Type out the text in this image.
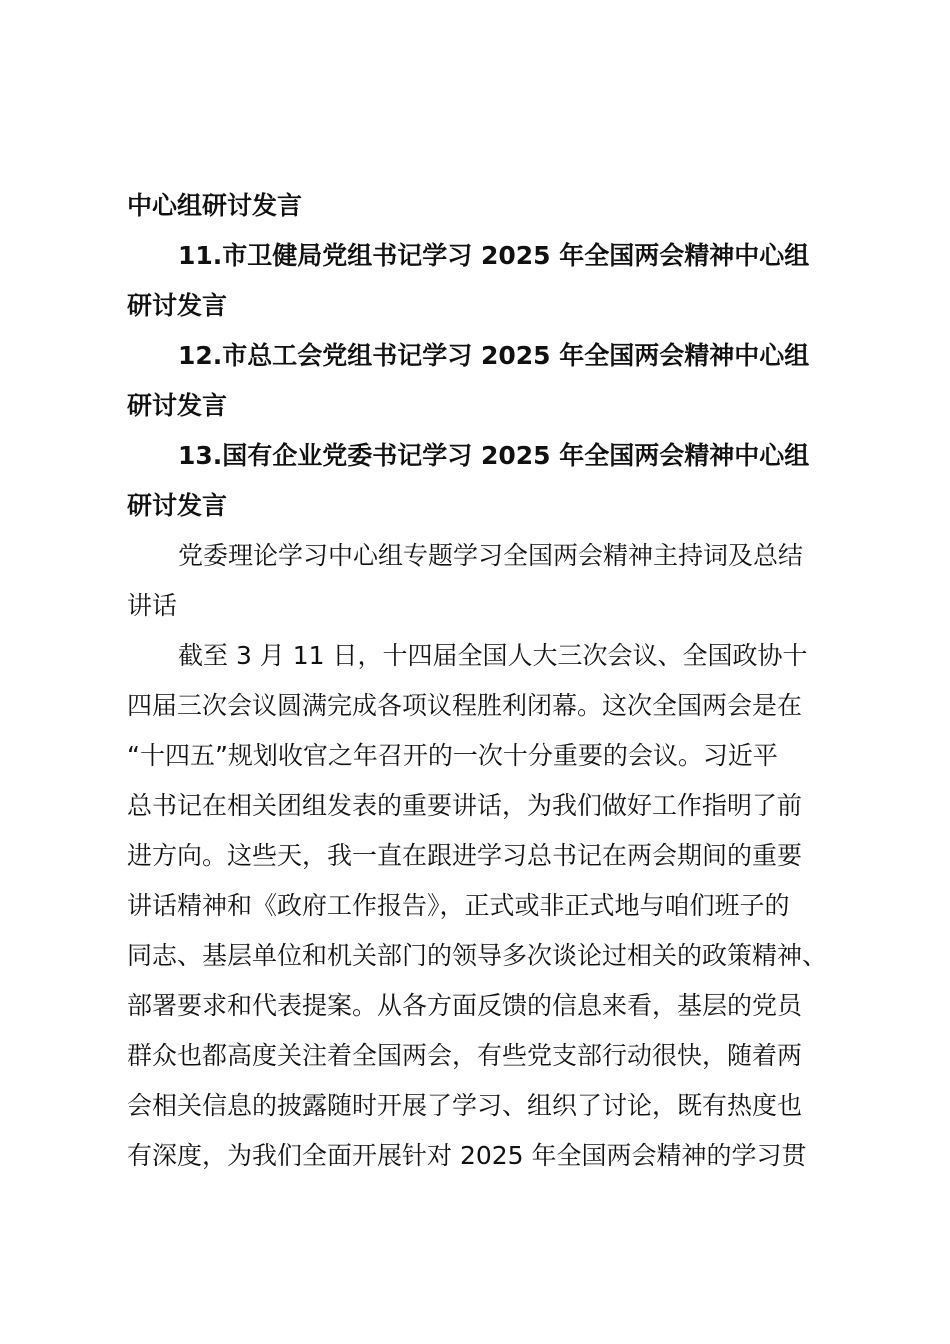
中心组研讨发言
11.市卫健局党组书记学习 2025 年全国两会精神中心组
研讨发言
12.市总工会党组书记学习 2025 年全国两会精神中心组
研讨发言
13.国有企业党委书记学习 2025 年全国两会精神中心组
研讨发言
党委理论学习中心组专题学习全国两会精神主持词及总结
讲话
截至 3 月 11 日，十四届全国人大三次会议、全国政协十
四届三次会议圆满完成各项议程胜利闭幕。这次全国两会是在
“十四五”规划收官之年召开的一次十分重要的会议。习近平
总书记在相关团组发表的重要讲话，为我们做好工作指明了前
进方向。这些天，我一直在跟进学习总书记在两会期间的重要
讲话精神和《政府工作报告》，正式或非正式地与咱们班子的
同志、基层单位和机关部门的领导多次谈论过相关的政策精神、
部署要求和代表提案。从各方面反馈的信息来看，基层的党员
群众也都高度关注着全国两会，有些党支部行动很快，随着两
会相关信息的披露随时开展了学习、组织了讨论，既有热度也
有深度，为我们全面开展针对 2025 年全国两会精神的学习贯
